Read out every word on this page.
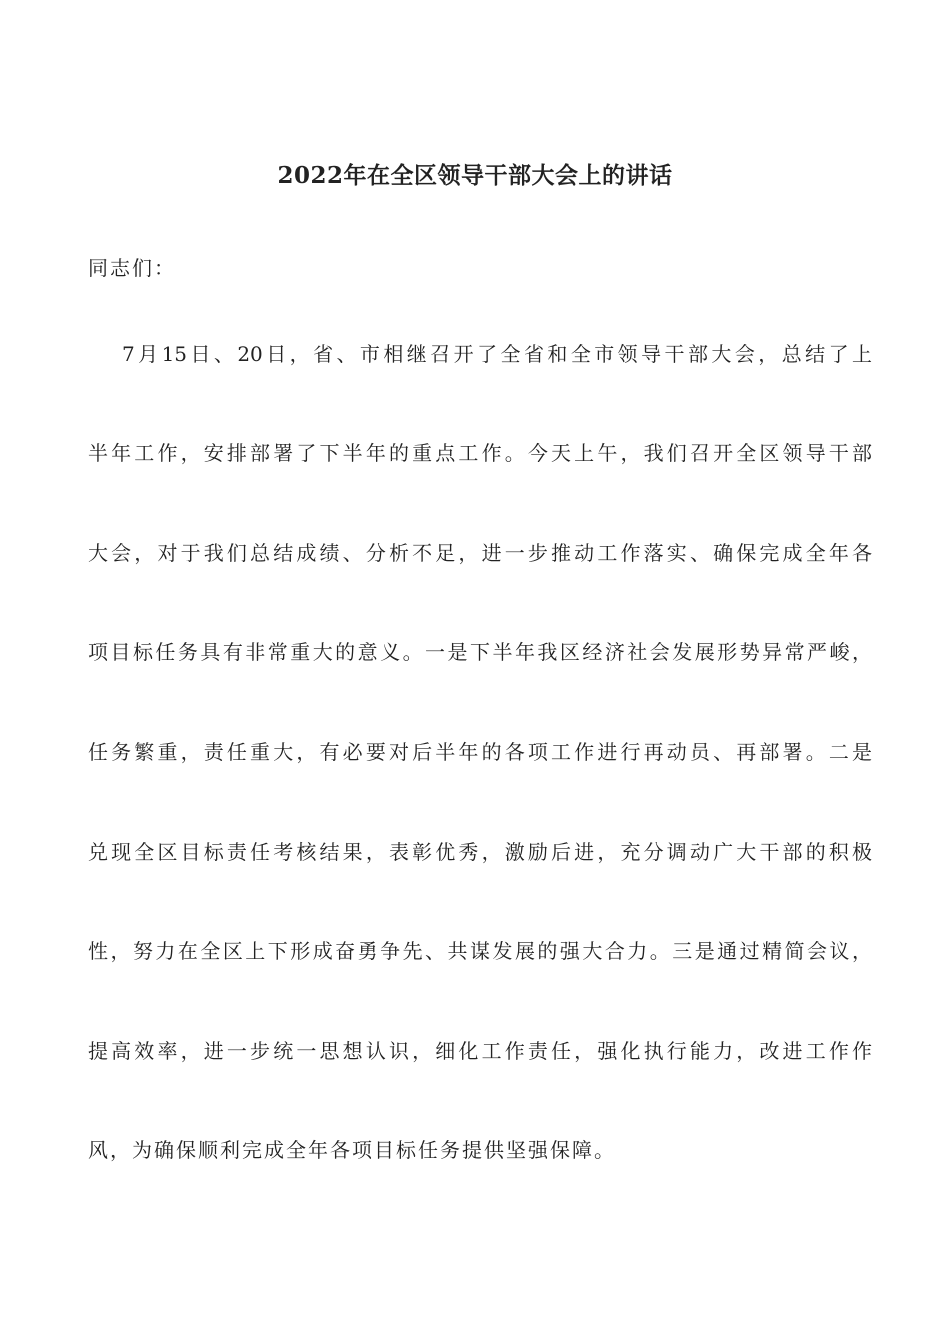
2022年在全区领导干部大会上的讲话

同志们：

7月15日、20日，省、市相继召开了全省和全市领导干部大会，总结了上

半年工作，安排部署了下半年的重点工作。今天上午，我们召开全区领导干部

大会，对于我们总结成绩、分析不足，进一步推动工作落实、确保完成全年各

项目标任务具有非常重大的意义。一是下半年我区经济社会发展形势异常严峻，

任务繁重，责任重大，有必要对后半年的各项工作进行再动员、再部署。二是

兑现全区目标责任考核结果，表彰优秀，激励后进，充分调动广大干部的积极

性，努力在全区上下形成奋勇争先、共谋发展的强大合力。三是通过精简会议，

提高效率，进一步统一思想认识，细化工作责任，强化执行能力，改进工作作

风，为确保顺利完成全年各项目标任务提供坚强保障。
